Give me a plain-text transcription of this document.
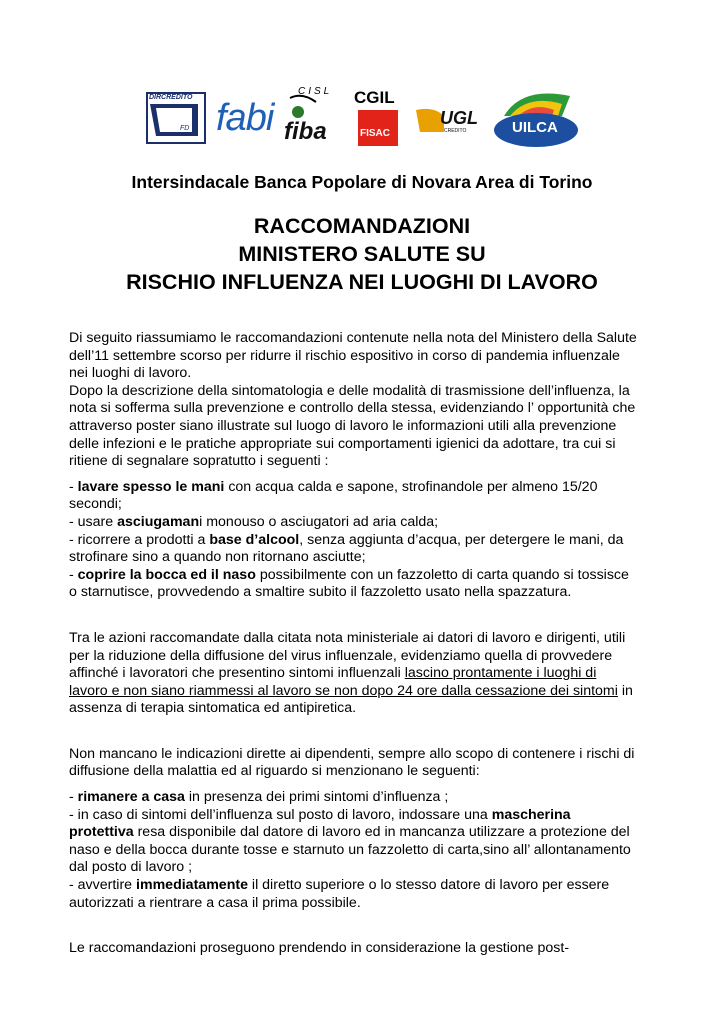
DIRCREDITO
FD fabi
CISL
fiba
CGIL
FISAC
UGL
CREDITO	UILCA
Intersindacale Banca Popolare di Novara Area di Torino
RACCOMANDAZIONI
MINISTERO SALUTE SU
RISCHIO INFLUENZA NEI LUOGHI DI LAVORO
Di seguito riassumiamo le raccomandazioni contenute nella nota del Ministero della Salute
dell’11 settembre scorso per ridurre il rischio espositivo in corso di pandemia influenzale
nei luoghi di lavoro.
Dopo la descrizione della sintomatologia e delle modalità di trasmissione dell’influenza, la
nota si sofferma sulla prevenzione e controllo della stessa, evidenziando l’ opportunità che
attraverso poster siano illustrate sul luogo di lavoro le informazioni utili alla prevenzione
delle infezioni e le pratiche appropriate sui comportamenti igienici da adottare, tra cui si
ritiene di segnalare sopratutto i seguenti :
- lavare spesso le mani con acqua calda e sapone, strofinandole per almeno 15/20
secondi;
- usare asciugamani monouso o asciugatori ad aria calda;
- ricorrere a prodotti a base d’alcool, senza aggiunta d’acqua, per detergere le mani, da
strofinare sino a quando non ritornano asciutte;
- coprire la bocca ed il naso possibilmente con un fazzoletto di carta quando si tossisce
o starnutisce, provvedendo a smaltire subito il fazzoletto usato nella spazzatura.
Tra le azioni raccomandate dalla citata nota ministeriale ai datori di lavoro e dirigenti, utili
per la riduzione della diffusione del virus influenzale, evidenziamo quella di provvedere
affinché i lavoratori che presentino sintomi influenzali lascino prontamente i luoghi di
lavoro e non siano riammessi al lavoro se non dopo 24 ore dalla cessazione dei sintomi in
assenza di terapia sintomatica ed antipiretica.
Non mancano le indicazioni dirette ai dipendenti, sempre allo scopo di contenere i rischi di
diffusione della malattia ed al riguardo si menzionano le seguenti:
- rimanere a casa in presenza dei primi sintomi d’influenza ;
- in caso di sintomi dell’influenza sul posto di lavoro, indossare una mascherina
protettiva resa disponibile dal datore di lavoro ed in mancanza utilizzare a protezione del
naso e della bocca durante tosse e starnuto un fazzoletto di carta,sino all’ allontanamento
dal posto di lavoro ;
- avvertire immediatamente il diretto superiore o lo stesso datore di lavoro per essere
autorizzati a rientrare a casa il prima possibile.
Le raccomandazioni proseguono prendendo in considerazione la gestione post-
